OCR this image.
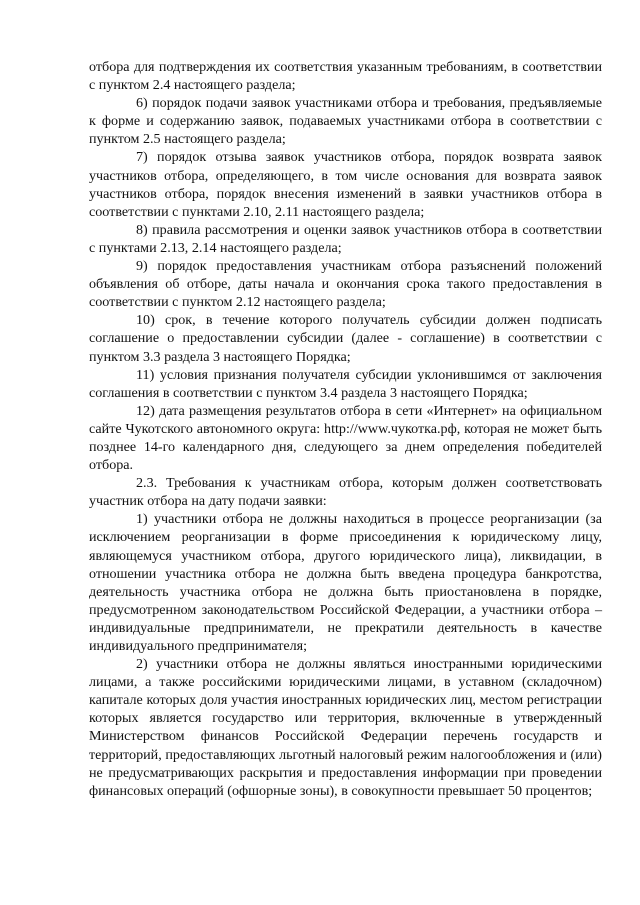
отбора для подтверждения их соответствия указанным требованиям, в соответствии с пунктом 2.4 настоящего раздела;

6) порядок подачи заявок участниками отбора и требования, предъявляемые к форме и содержанию заявок, подаваемых участниками отбора в соответствии с пунктом 2.5 настоящего раздела;

7) порядок отзыва заявок участников отбора, порядок возврата заявок участников отбора, определяющего, в том числе основания для возврата заявок участников отбора, порядок внесения изменений в заявки участников отбора в соответствии с пунктами 2.10, 2.11 настоящего раздела;

8) правила рассмотрения и оценки заявок участников отбора в соответствии с пунктами 2.13, 2.14 настоящего раздела;

9) порядок предоставления участникам отбора разъяснений положений объявления об отборе, даты начала и окончания срока такого предоставления в соответствии с пунктом 2.12 настоящего раздела;

10) срок, в течение которого получатель субсидии должен подписать соглашение о предоставлении субсидии (далее - соглашение) в соответствии с пунктом 3.3 раздела 3 настоящего Порядка;

11) условия признания получателя субсидии уклонившимся от заключения соглашения в соответствии с пунктом 3.4 раздела 3 настоящего Порядка;

12) дата размещения результатов отбора в сети «Интернет» на официальном сайте Чукотского автономного округа: http://www.чукотка.рф, которая не может быть позднее 14-го календарного дня, следующего за днем определения победителей отбора.

2.3. Требования к участникам отбора, которым должен соответствовать участник отбора на дату подачи заявки:

1) участники отбора не должны находиться в процессе реорганизации (за исключением реорганизации в форме присоединения к юридическому лицу, являющемуся участником отбора, другого юридического лица), ликвидации, в отношении участника отбора не должна быть введена процедура банкротства, деятельность участника отбора не должна быть приостановлена в порядке, предусмотренном законодательством Российской Федерации, а участники отбора – индивидуальные предприниматели, не прекратили деятельность в качестве индивидуального предпринимателя;

2) участники отбора не должны являться иностранными юридическими лицами, а также российскими юридическими лицами, в уставном (складочном) капитале которых доля участия иностранных юридических лиц, местом регистрации которых является государство или территория, включенные в утвержденный Министерством финансов Российской Федерации перечень государств и территорий, предоставляющих льготный налоговый режим налогообложения и (или) не предусматривающих раскрытия и предоставления информации при проведении финансовых операций (офшорные зоны), в совокупности превышает 50 процентов;
